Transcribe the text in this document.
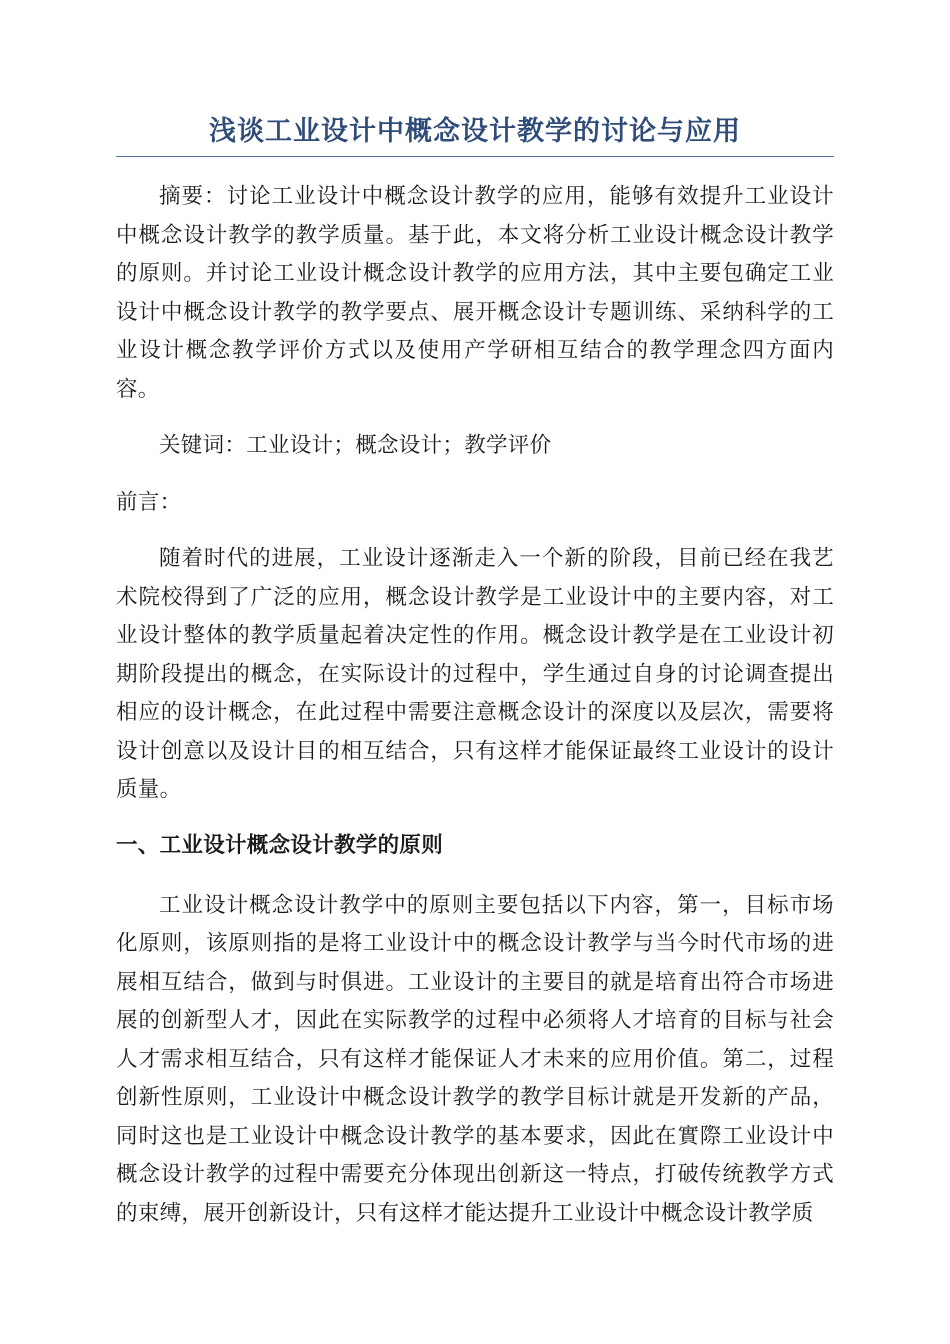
浅谈工业设计中概念设计教学的讨论与应用

摘要：讨论工业设计中概念设计教学的应用，能够有效提升工业设计中概念设计教学的教学质量。基于此，本文将分析工业设计概念设计教学的原则。并讨论工业设计概念设计教学的应用方法，其中主要包确定工业设计中概念设计教学的教学要点、展开概念设计专题训练、采纳科学的工业设计概念教学评价方式以及使用产学研相互结合的教学理念四方面内容。

关键词：工业设计；概念设计；教学评价

前言：

随着时代的进展，工业设计逐渐走入一个新的阶段，目前已经在我艺术院校得到了广泛的应用，概念设计教学是工业设计中的主要内容，对工业设计整体的教学质量起着决定性的作用。概念设计教学是在工业设计初期阶段提出的概念，在实际设计的过程中，学生通过自身的讨论调查提出相应的设计概念，在此过程中需要注意概念设计的深度以及层次，需要将设计创意以及设计目的相互结合，只有这样才能保证最终工业设计的设计质量。

一、工业设计概念设计教学的原则

工业设计概念设计教学中的原则主要包括以下内容，第一，目标市场化原则，该原则指的是将工业设计中的概念设计教学与当今时代市场的进展相互结合，做到与时俱进。工业设计的主要目的就是培育出符合市场进展的创新型人才，因此在实际教学的过程中必须将人才培育的目标与社会人才需求相互结合，只有这样才能保证人才未来的应用价值。第二，过程创新性原则，工业设计中概念设计教学的教学目标计就是开发新的产品，同时这也是工业设计中概念设计教学的基本要求，因此在實際工业设计中概念设计教学的过程中需要充分体现出创新这一特点，打破传统教学方式的束缚，展开创新设计，只有这样才能达提升工业设计中概念设计教学质
